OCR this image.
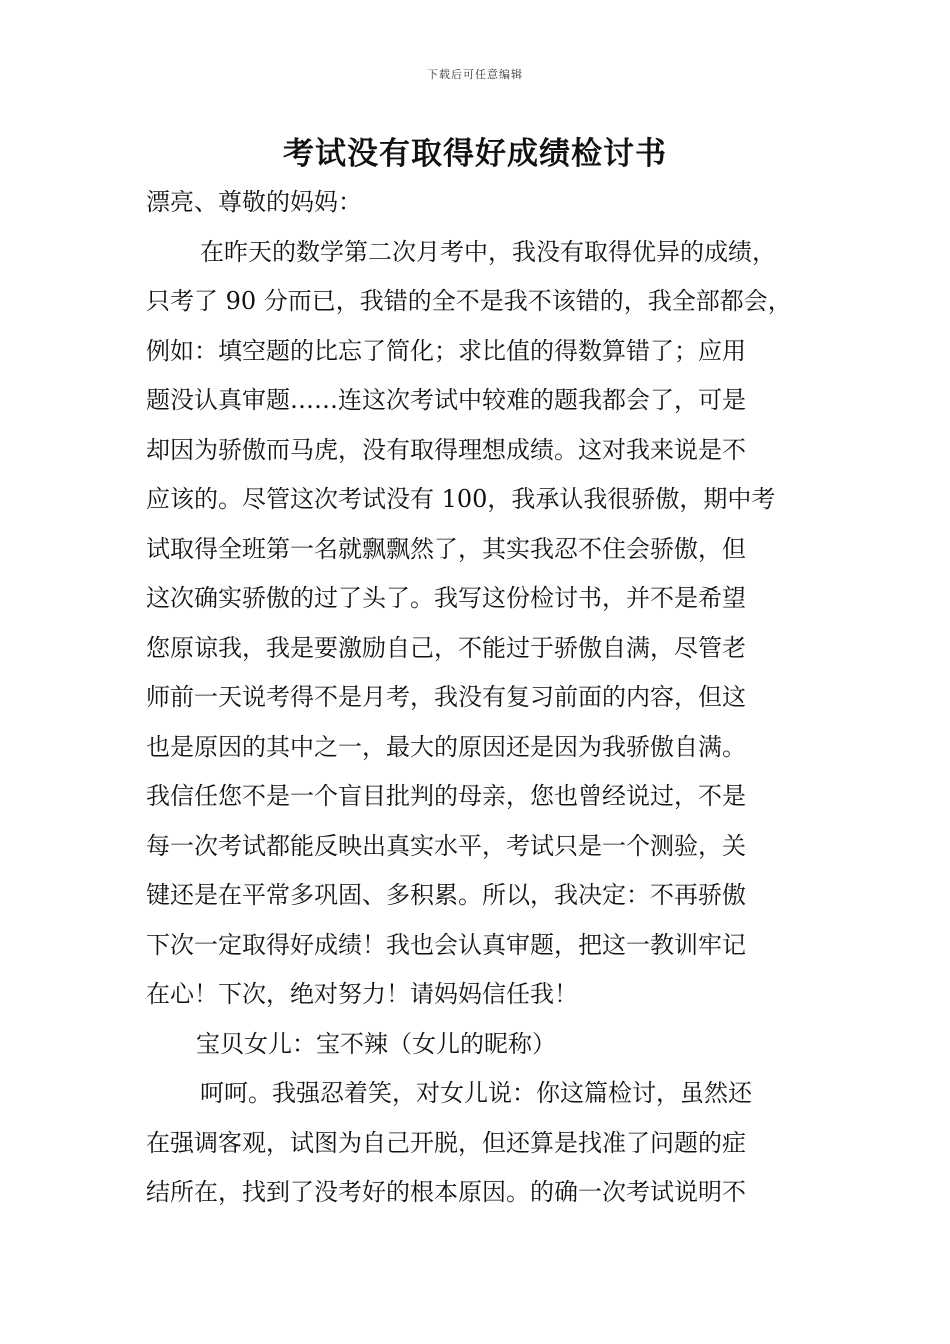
下载后可任意编辑
考试没有取得好成绩检讨书
漂亮、尊敬的妈妈：
在昨天的数学第二次月考中，我没有取得优异的成绩，
只考了 90 分而已，我错的全不是我不该错的，我全部都会，
例如：填空题的比忘了简化；求比值的得数算错了；应用
题没认真审题……连这次考试中较难的题我都会了，可是
却因为骄傲而马虎，没有取得理想成绩。这对我来说是不
应该的。尽管这次考试没有 100，我承认我很骄傲，期中考
试取得全班第一名就飘飘然了，其实我忍不住会骄傲，但
这次确实骄傲的过了头了。我写这份检讨书，并不是希望
您原谅我，我是要激励自己，不能过于骄傲自满，尽管老
师前一天说考得不是月考，我没有复习前面的内容，但这
也是原因的其中之一，最大的原因还是因为我骄傲自满。
我信任您不是一个盲目批判的母亲，您也曾经说过，不是
每一次考试都能反映出真实水平，考试只是一个测验，关
键还是在平常多巩固、多积累。所以，我决定：不再骄傲
下次一定取得好成绩！我也会认真审题，把这一教训牢记
在心！下次，绝对努力！请妈妈信任我！
宝贝女儿：宝不辣（女儿的昵称）
呵呵。我强忍着笑，对女儿说：你这篇检讨，虽然还
在强调客观，试图为自己开脱，但还算是找准了问题的症
结所在，找到了没考好的根本原因。的确一次考试说明不
